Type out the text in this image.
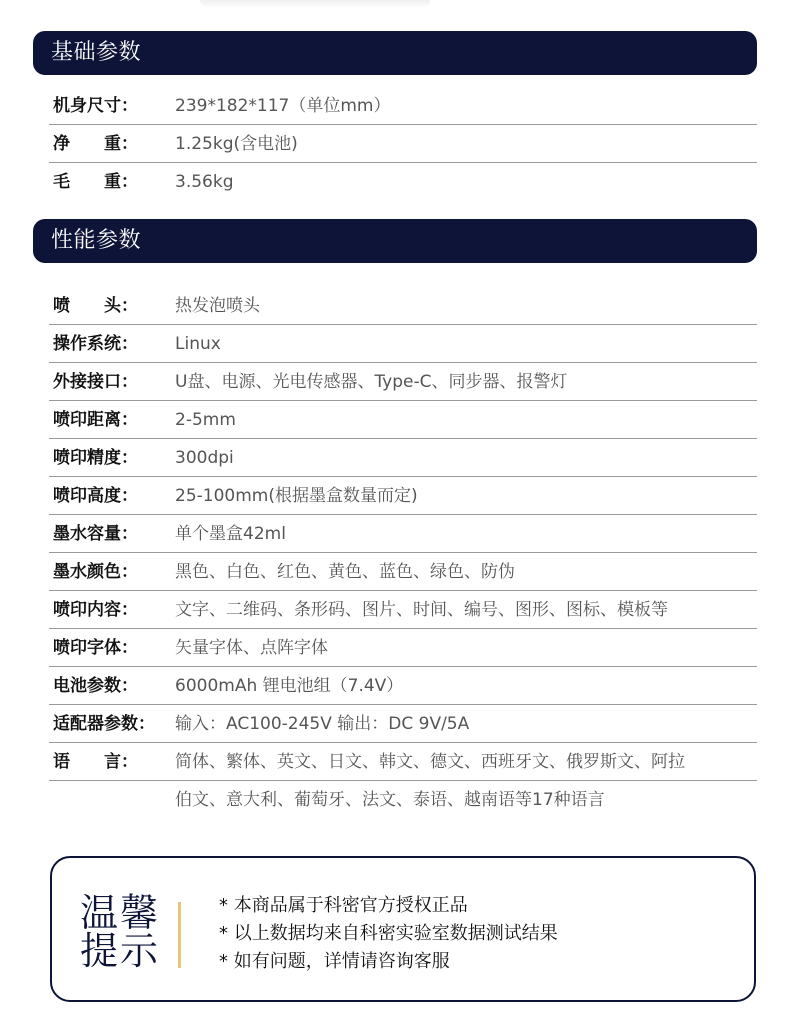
基础参数
机身尺寸：	239*182*117（单位mm）
净　　重：	1.25kg(含电池)
毛　　重：	3.56kg
性能参数
喷　　头：	热发泡喷头
操作系统：	Linux
外接接口：	U盘、电源、光电传感器、Type-C、同步器、报警灯
喷印距离：	2-5mm
喷印精度：	300dpi
喷印高度：	25-100mm(根据墨盒数量而定)
墨水容量：	单个墨盒42ml
墨水颜色：	黑色、白色、红色、黄色、蓝色、绿色、防伪
喷印内容：	文字、二维码、条形码、图片、时间、编号、图形、图标、模板等
喷印字体：	矢量字体、点阵字体
电池参数：	6000mAh 锂电池组（7.4V）
适配器参数： 输入：AC100-245V 输出：DC 9V/5A
语　　言：	简体、繁体、英文、日文、韩文、德文、西班牙文、俄罗斯文、阿拉
伯文、意大利、葡萄牙、法文、泰语、越南语等17种语言
温馨
提示
* 本商品属于科密官方授权正品
* 以上数据均来自科密实验室数据测试结果
* 如有问题，详情请咨询客服
